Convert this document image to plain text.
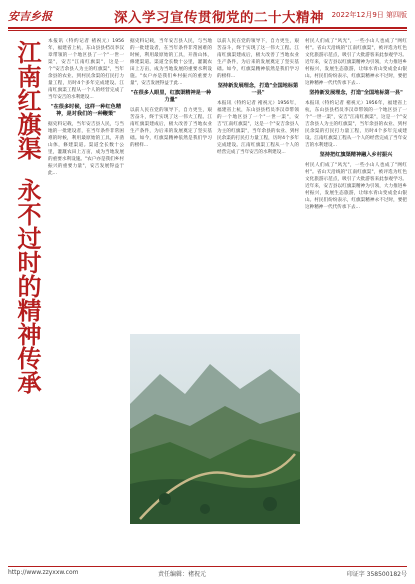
安吉乡报	深入学习宣传贯彻党的二十大精神 2022年12月9日 第四版
江南红旗渠
永不过时的精神传承
本报讯（特约记者 褚祝元）1956年，福建省上杭，东山县县档员李汉章带领的一个地区县了一个"一世一渠"，安吉"江南红旗渠"，这是一个"安吉余县人为主的红旗渠"，当年余县的农业、到村民余渠的打民打力量工程，历时4个多年完成建设。江南红旗渠工程从一个人的经营完成了当年安吉的水利建设...
"在很多时候，这样一种红色精神，是对我们的一种鞭策"
据史料记载，当年安吉县人民，与当地的一批建设者，在当年条件非常困难的时候，利用最原始的工具，开凿山体，修建渠道。渠道全长数十公里，灌溉农田上万亩，成为当地发展的重要水利设施。"农户亦是我们乡村振兴的重要力量"，安吉发展得益于此...
据史料记载，当年安吉县人民，与当地的一批建设者，在当年条件非常困难的时候，利用最原始的工具，开凿山体，修建渠道。渠道全长数十公里，灌溉农田上万亩，成为当地发展的重要水利设施。"农户亦是我们乡村振兴的重要力量"，安吉发展得益于此...
"在很多人眼里，红旗渠精神是一种力量"
以前人民在党的领导下，自力更生，艰苦奋斗，终于实现了这一伟大工程。江南红旗渠建成后，极大改善了当地农业生产条件，为后来的发展奠定了坚实基础。如今，红旗渠精神依然是我们学习的榜样...
以前人民在党的领导下，自力更生，艰苦奋斗，终于实现了这一伟大工程。江南红旗渠建成后，极大改善了当地农业生产条件，为后来的发展奠定了坚实基础。如今，红旗渠精神依然是我们学习的榜样...
坚持新发展理念，打造"全国地标第一县"
本报讯（特约记者 褚祝元）1956年，福建省上杭，东山县县档员李汉章带领的一个地区县了一个"一世一渠"，安吉"江南红旗渠"，这是一个"安吉余县人为主的红旗渠"，当年余县的农业、到村民余渠的打民打力量工程，历时4个多年完成建设。江南红旗渠工程从一个人的经营完成了当年安吉的水利建设...
村民人们成了"风光"，一些小山人也成了"网红村"。省山天沿线的"江南红旗渠"，被评选为红色文化旅游示范点，吸引了大批游客来此参观学习。近年来，安吉县以红旗渠精神为引领，大力推进乡村振兴，发展生态旅游，让绿水青山变成金山银山。村民们纷纷表示，红旗渠精神永不过时，要把这种精神一代代传承下去...
坚持新发展理念，打造"全国地标第一县"
本报讯（特约记者 褚祝元）1956年，福建省上杭，东山县县档员李汉章带领的一个地区县了一个"一世一渠"，安吉"江南红旗渠"，这是一个"安吉余县人为主的红旗渠"，当年余县的农业、到村民余渠的打民打力量工程，历时4个多年完成建设。江南红旗渠工程从一个人的经营完成了当年安吉的水利建设...
坚持把红旗渠精神融入乡村振兴
村民人们成了"风光"，一些小山人也成了"网红村"。省山天沿线的"江南红旗渠"，被评选为红色文化旅游示范点，吸引了大批游客来此参观学习。近年来，安吉县以红旗渠精神为引领，大力推进乡村振兴，发展生态旅游，让绿水青山变成金山银山。村民们纷纷表示，红旗渠精神永不过时，要把这种精神一代代传承下去...
http://www.zzyxxw.com	责任编辑：褚祝元	印证字 358500182号
